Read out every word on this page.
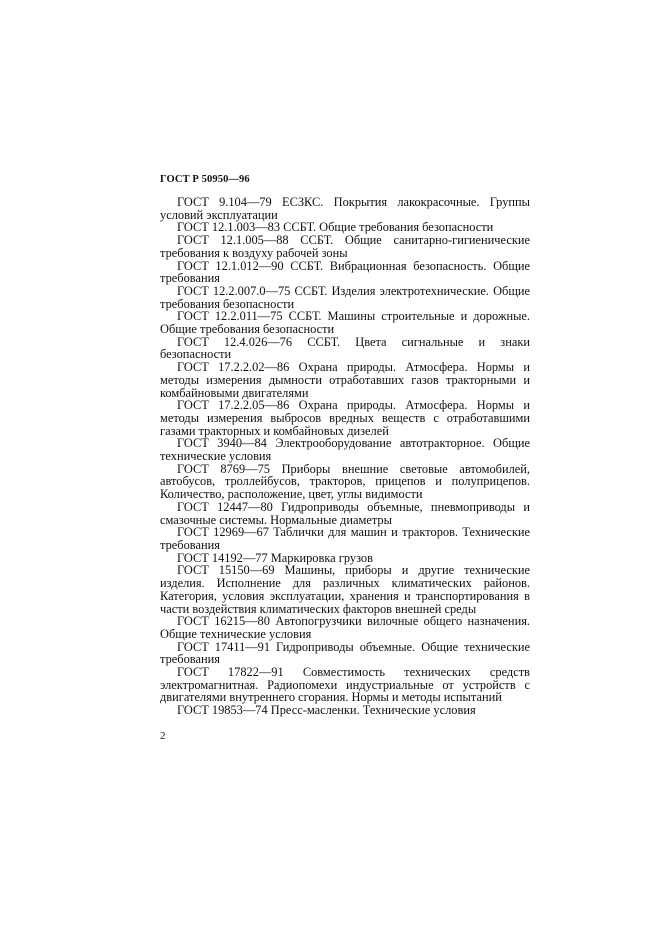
ГОСТ Р 50950—96
ГОСТ 9.104—79 ЕСЗКС. Покрытия лакокрасочные. Группы условий эксплуатации
ГОСТ 12.1.003—83 ССБТ. Общие требования безопасности
ГОСТ 12.1.005—88 ССБТ. Общие санитарно-гигиенические требования к воздуху рабочей зоны
ГОСТ 12.1.012—90 ССБТ. Вибрационная безопасность. Общие требования
ГОСТ 12.2.007.0—75 ССБТ. Изделия электротехнические. Общие требования безопасности
ГОСТ 12.2.011—75 ССБТ. Машины строительные и дорожные. Общие требования безопасности
ГОСТ 12.4.026—76 ССБТ. Цвета сигнальные и знаки безопасности
ГОСТ 17.2.2.02—86 Охрана природы. Атмосфера. Нормы и методы измерения дымности отработавших газов тракторными и комбайновыми двигателями
ГОСТ 17.2.2.05—86 Охрана природы. Атмосфера. Нормы и методы измерения выбросов вредных веществ с отработавшими газами тракторных и комбайновых дизелей
ГОСТ 3940—84 Электрооборудование автотракторное. Общие технические условия
ГОСТ 8769—75 Приборы внешние световые автомобилей, автобусов, троллейбусов, тракторов, прицепов и полуприцепов. Количество, расположение, цвет, углы видимости
ГОСТ 12447—80 Гидроприводы объемные, пневмоприводы и смазочные системы. Нормальные диаметры
ГОСТ 12969—67 Таблички для машин и тракторов. Технические требования
ГОСТ 14192—77 Маркировка грузов
ГОСТ 15150—69 Машины, приборы и другие технические изделия. Исполнение для различных климатических районов. Категория, условия эксплуатации, хранения и транспортирования в части воздействия климатических факторов внешней среды
ГОСТ 16215—80 Автопогрузчики вилочные общего назначения. Общие технические условия
ГОСТ 17411—91 Гидроприводы объемные. Общие технические требования
ГОСТ 17822—91 Совместимость технических средств электромагнитная. Радиопомехи индустриальные от устройств с двигателями внутреннего сгорания. Нормы и методы испытаний
ГОСТ 19853—74 Пресс-масленки. Технические условия
2
